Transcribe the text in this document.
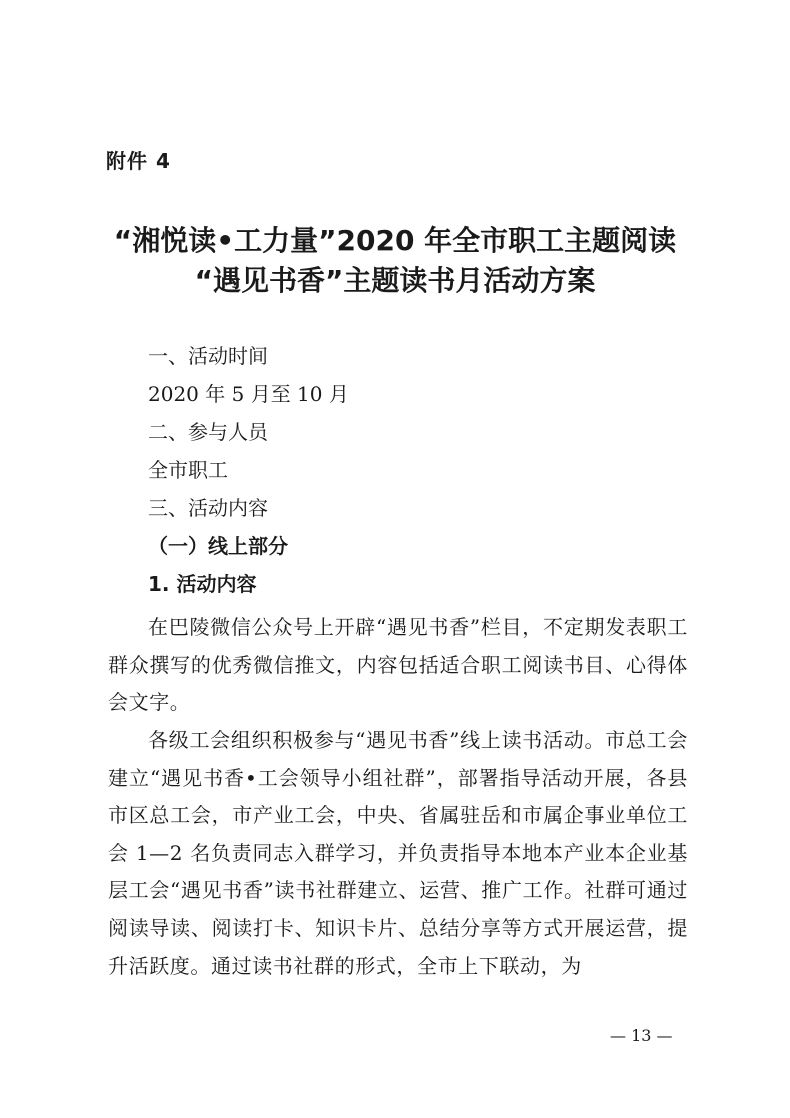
附件 4
“湘悦读•工力量”2020 年全市职工主题阅读
“遇见书香”主题读书月活动方案
一、活动时间
2020 年 5 月至 10 月
二、参与人员
全市职工
三、活动内容
（一）线上部分
1. 活动内容
在巴陵微信公众号上开辟“遇见书香”栏目，不定期发表职工群众撰写的优秀微信推文，内容包括适合职工阅读书目、心得体会文字。
各级工会组织积极参与“遇见书香”线上读书活动。市总工会建立“遇见书香•工会领导小组社群”，部署指导活动开展，各县市区总工会，市产业工会，中央、省属驻岳和市属企事业单位工会 1—2 名负责同志入群学习，并负责指导本地本产业本企业基层工会“遇见书香”读书社群建立、运营、推广工作。社群可通过阅读导读、阅读打卡、知识卡片、总结分享等方式开展运营，提升活跃度。通过读书社群的形式，全市上下联动，为
— 13 —
